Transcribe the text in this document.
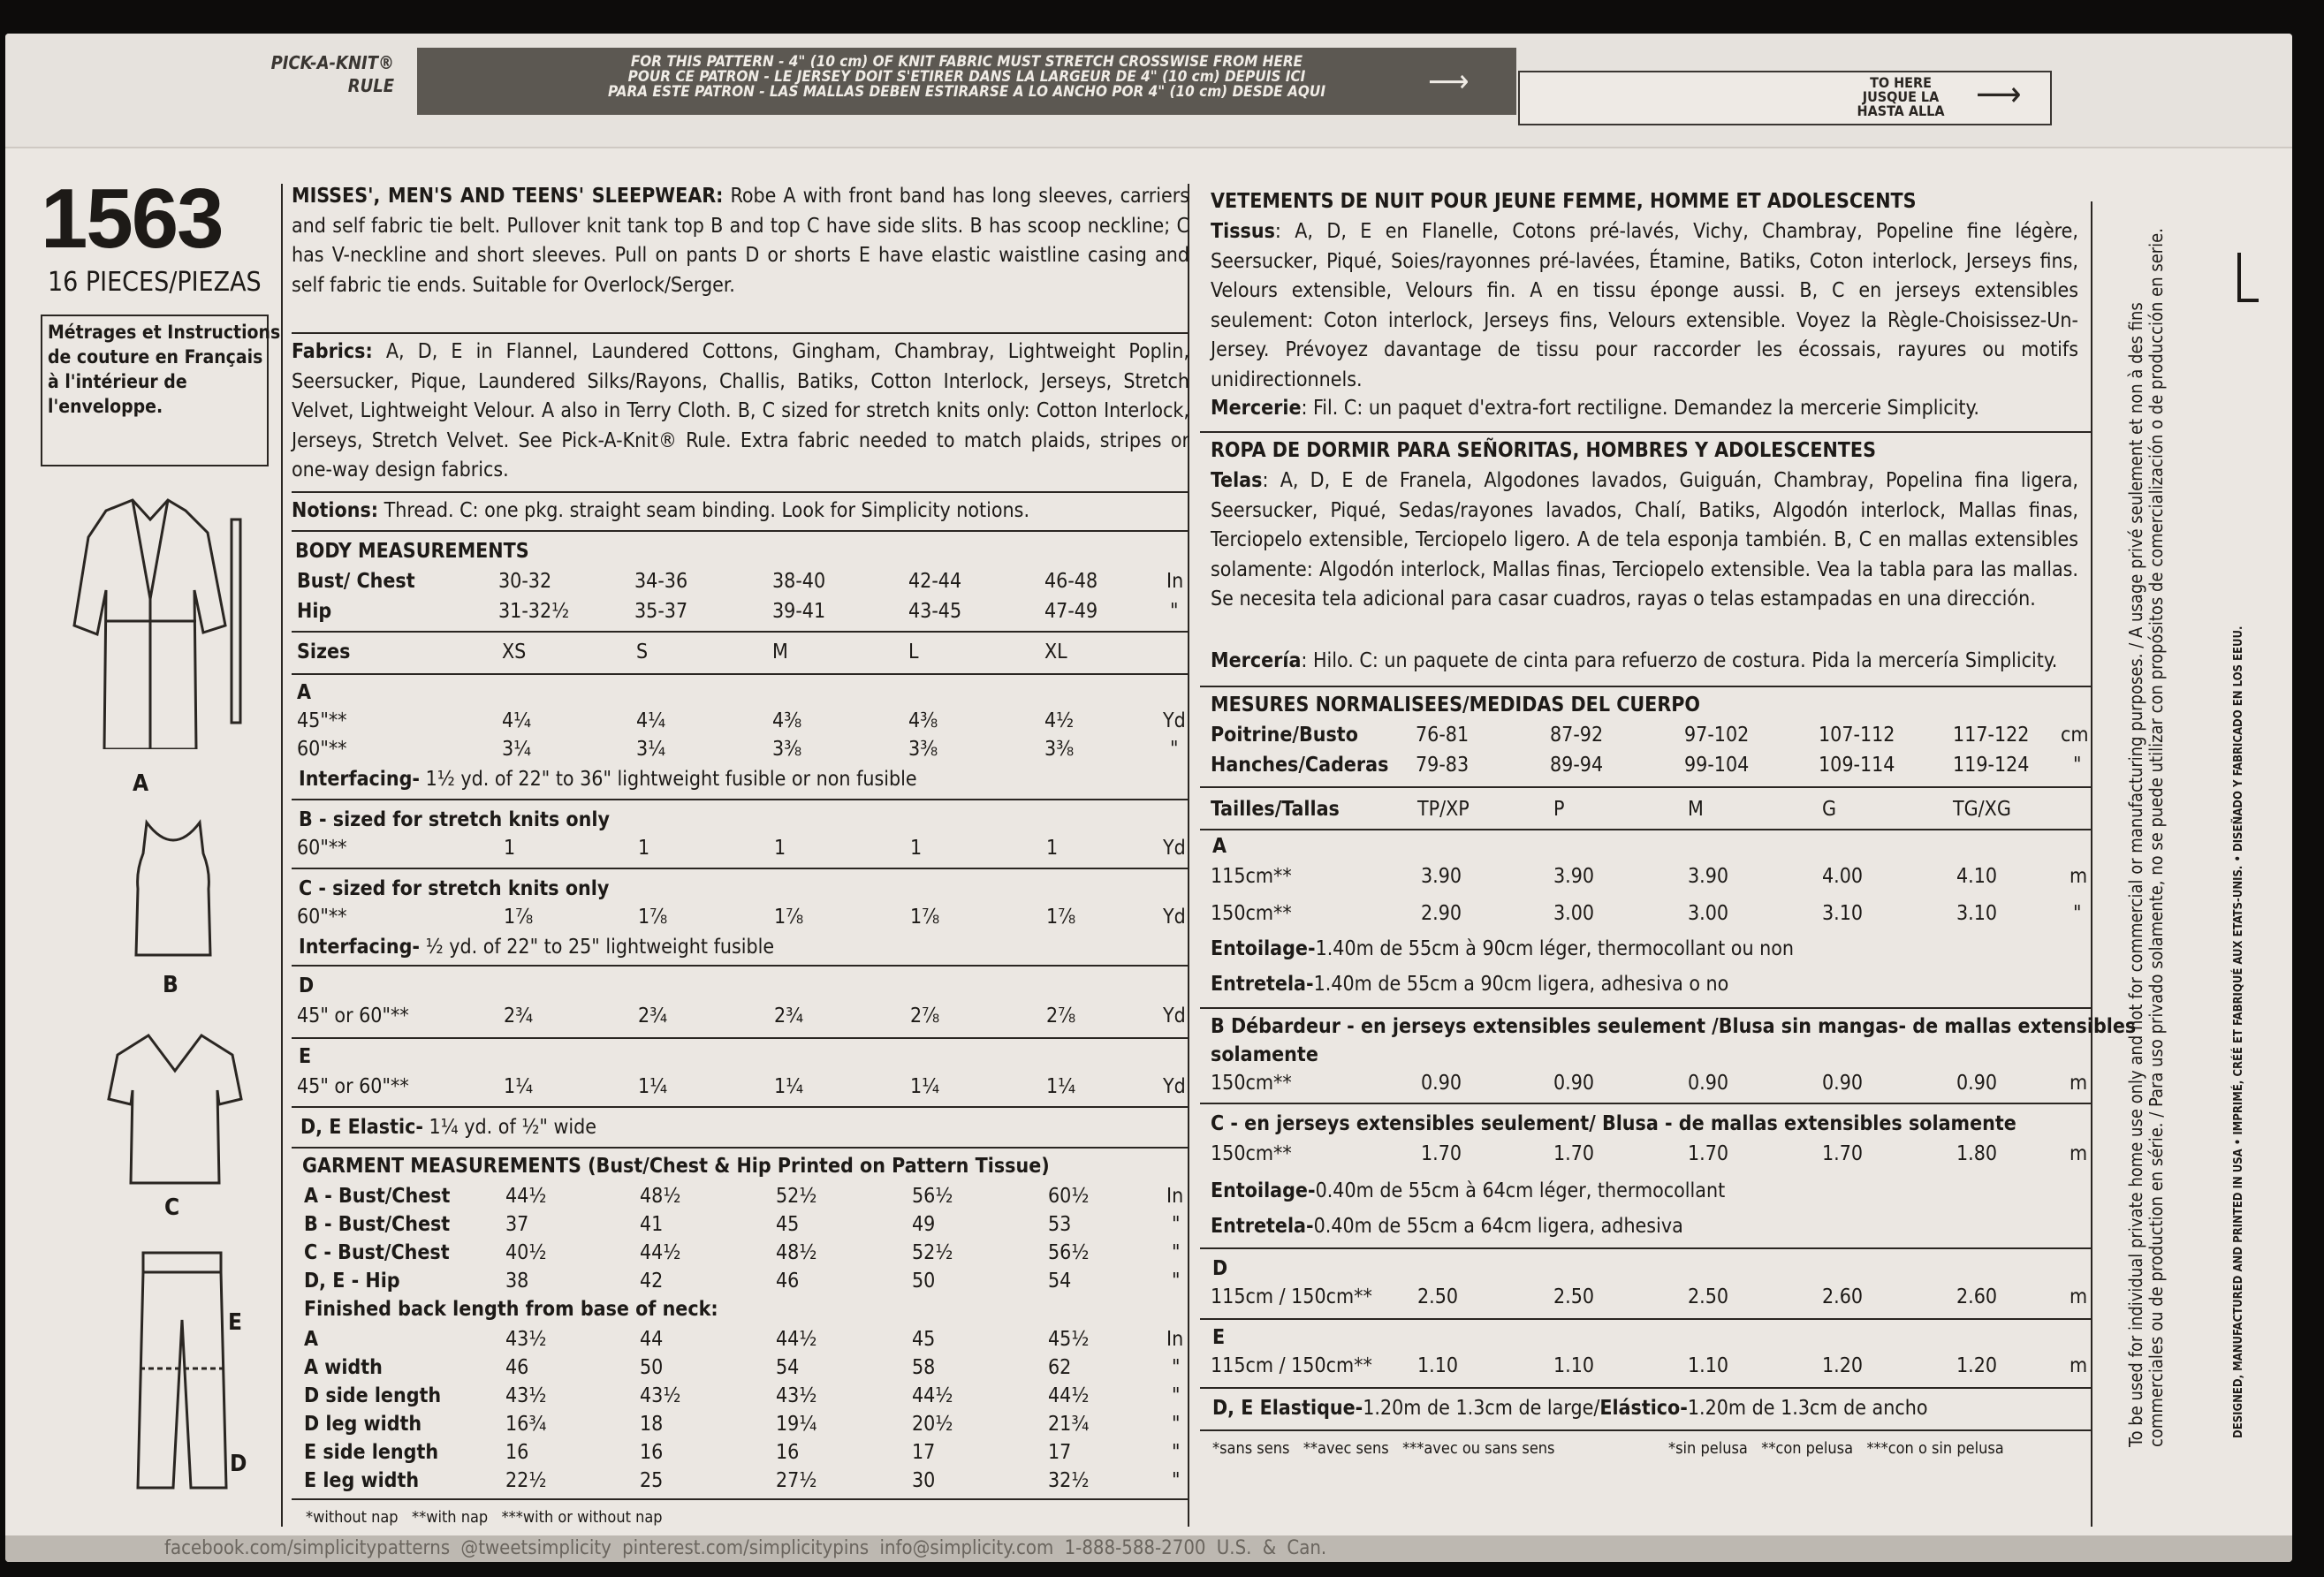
PICK-A-KNIT®
RULE
FOR THIS PATTERN - 4" (10 cm) OF KNIT FABRIC MUST STRETCH CROSSWISE FROM HERE
POUR CE PATRON - LE JERSEY DOIT S'ETIRER DANS LA LARGEUR DE 4" (10 cm) DEPUIS ICI
PARA ESTE PATRON - LAS MALLAS DEBEN ESTIRARSE A LO ANCHO POR 4" (10 cm) DESDE AQUI	⟶	TO HERE
JUSQUE LA
HASTA ALLA ⟶
1563
16 PIECES/PIEZAS
Métrages et Instructions
de couture en Français
à l'intérieur de
l'enveloppe.
A
B
C
E
D
MISSES', MEN'S AND TEENS' SLEEPWEAR: Robe A with front band has long sleeves, carriers and self fabric tie belt. Pullover knit tank top B and top C have side slits. B has scoop neckline; C has V-neckline and short sleeves. Pull on pants D or shorts E have elastic waistline casing and self fabric tie ends. Suitable for Overlock/Serger.
Fabrics: A, D, E in Flannel, Laundered Cottons, Gingham, Chambray, Lightweight Poplin, Seersucker, Pique, Laundered Silks/Rayons, Challis, Batiks, Cotton Interlock, Jerseys, Stretch Velvet, Lightweight Velour. A also in Terry Cloth. B, C sized for stretch knits only: Cotton Interlock, Jerseys, Stretch Velvet. See Pick-A-Knit® Rule. Extra fabric needed to match plaids, stripes or one-way design fabrics.
Notions: Thread. C: one pkg. straight seam binding. Look for Simplicity notions.
BODY MEASUREMENTS
Bust/ Chest	30-32	34-36	38-40	42-44	46-48	In
Hip	31-32½	35-37	39-41	43-45	47-49	"
Sizes	XS	S	M	L	XL
A
45"**	4¼	4¼	4⅜	4⅜	4½	Yd
60"**	3¼	3¼	3⅜	3⅜	3⅜	"
Interfacing- 1½ yd. of 22" to 36" lightweight fusible or non fusible
B - sized for stretch knits only
60"**	1	1	1	1	1	Yd
C - sized for stretch knits only
60"**	1⅞	1⅞	1⅞	1⅞	1⅞	Yd
Interfacing- ½ yd. of 22" to 25" lightweight fusible
D
45" or 60"**	2¾	2¾	2¾	2⅞	2⅞	Yd
E
45" or 60"**	1¼	1¼	1¼	1¼	1¼	Yd
D, E Elastic- 1¼ yd. of ½" wide
GARMENT MEASUREMENTS (Bust/Chest & Hip Printed on Pattern Tissue)
A - Bust/Chest	44½	48½	52½	56½	60½	In
B - Bust/Chest	37	41	45	49	53	"
C - Bust/Chest	40½	44½	48½	52½	56½	"
D, E - Hip	38	42	46	50	54	"
Finished back length from base of neck:
A	43½	44	44½	45	45½	In
A width	46	50	54	58	62	"
D side length	43½	43½	43½	44½	44½	"
D leg width	16¾	18	19¼	20½	21¾	"
E side length	16	16	16	17	17	"
E leg width	22½	25	27½	30	32½	"
*without nap   **with nap   ***with or without nap
VETEMENTS DE NUIT POUR JEUNE FEMME, HOMME ET ADOLESCENTS
Tissus: A, D, E en Flanelle, Cotons pré-lavés, Vichy, Chambray, Popeline fine légère, Seersucker, Piqué, Soies/rayonnes pré-lavées, Étamine, Batiks, Coton interlock, Jerseys fins, Velours extensible, Velours fin. A en tissu éponge aussi. B, C en jerseys extensibles seulement: Coton interlock, Jerseys fins, Velours extensible. Voyez la Règle-Choisissez-Un-Jersey. Prévoyez davantage de tissu pour raccorder les écossais, rayures ou motifs unidirectionnels.
Mercerie: Fil. C: un paquet d'extra-fort rectiligne. Demandez la mercerie Simplicity.
ROPA DE DORMIR PARA SEÑORITAS, HOMBRES Y ADOLESCENTES
Telas: A, D, E de Franela, Algodones lavados, Guiguán, Chambray, Popelina fina ligera, Seersucker, Piqué, Sedas/rayones lavados, Chalí, Batiks, Algodón interlock, Mallas finas, Terciopelo extensible, Terciopelo ligero. A de tela esponja también. B, C en mallas extensibles solamente: Algodón interlock, Mallas finas, Terciopelo extensible. Vea la tabla para las mallas. Se necesita tela adicional para casar cuadros, rayas o telas estampadas en una dirección.
Mercería: Hilo. C: un paquete de cinta para refuerzo de costura. Pida la mercería Simplicity.
MESURES NORMALISEES/MEDIDAS DEL CUERPO
Poitrine/Busto	76-81	87-92	97-102	107-112	117-122 cm
Hanches/Caderas 79-83	89-94	99-104	109-114	119-124 "
Tailles/Tallas	TP/XP	P	M	G	TG/XG
A
115cm**	3.90	3.90	3.90	4.00	4.10	m
150cm**	2.90	3.00	3.00	3.10	3.10	"
Entoilage-1.40m de 55cm à 90cm léger, thermocollant ou non
Entretela-1.40m de 55cm a 90cm ligera, adhesiva o no
B Débardeur - en jerseys extensibles seulement /Blusa sin mangas- de mallas extensibles
solamente
150cm**	0.90	0.90	0.90	0.90	0.90	m
C - en jerseys extensibles seulement/ Blusa - de mallas extensibles solamente
150cm**	1.70	1.70	1.70	1.70	1.80	m
Entoilage-0.40m de 55cm à 64cm léger, thermocollant
Entretela-0.40m de 55cm a 64cm ligera, adhesiva
D
115cm / 150cm** 2.50	2.50	2.50	2.60	2.60	m
E
115cm / 150cm** 1.10	1.10	1.10	1.20	1.20	m
D, E Elastique-1.20m de 1.3cm de large/Elástico-1.20m de 1.3cm de ancho
*sans sens   **avec sens   ***avec ou sans sens	*sin pelusa   **con pelusa   ***con o sin pelusa
To be used for individual private home use only and not for commercial or manufacturing purposes. / A usage privé seulement et non à des fins commerciales ou de production en série. / Para uso privado solamente, no se puede utilizar con propósitos de comercialización o de producción en serie.	DESIGNED, MANUFACTURED AND PRINTED IN USA • IMPRIMÉ, CRÉÉ ET FABRIQUÉ AUX ETATS-UNIS. • DISEÑADO Y FABRICADO EN LOS EEUU.
facebook.com/simplicitypatterns @tweetsimplicity pinterest.com/simplicitypins info@simplicity.com 1-888-588-2700 U.S. & Can.
